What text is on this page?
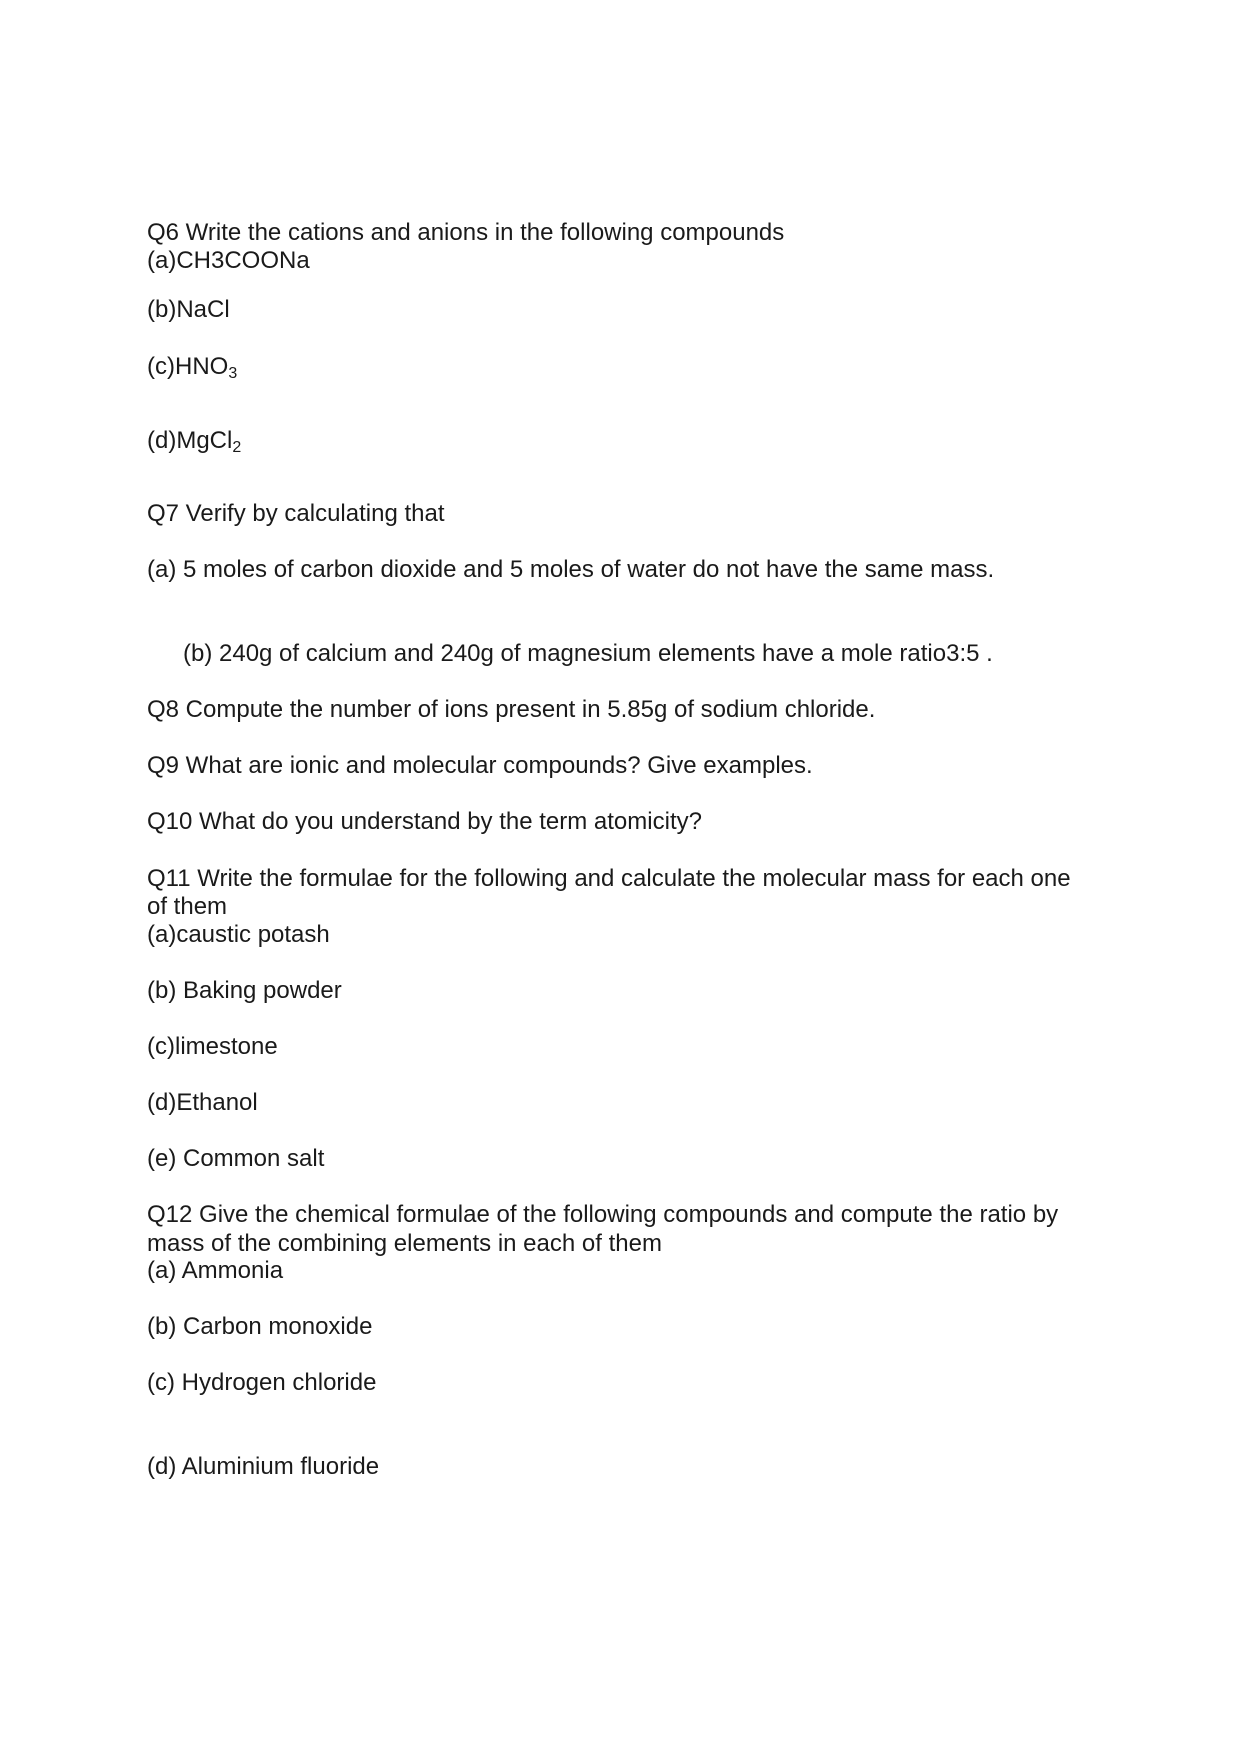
Q6 Write the cations and anions in the following compounds
(a)CH3COONa
(b)NaCl
$(c)HNO_3$
(d)MgCl$_2$
Q7 Verify by calculating that
(a) 5 moles of carbon dioxide and 5 moles of water do not have the same mass.
(b) 240g of calcium and 240g of magnesium elements have a mole ratio3:5 .
Q8 Compute the number of ions present in 5.85g of sodium chloride.
Q9 What are ionic and molecular compounds? Give examples.
Q10 What do you understand by the term atomicity?
Q11 Write the formulae for the following and calculate the molecular mass for each one
of them
(a)caustic potash
(b) Baking powder
(c)limestone
(d)Ethanol
(e) Common salt
Q12 Give the chemical formulae of the following compounds and compute the ratio by
mass of the combining elements in each of them
(a) Ammonia
(b) Carbon monoxide
(c) Hydrogen chloride
(d) Aluminium fluoride
